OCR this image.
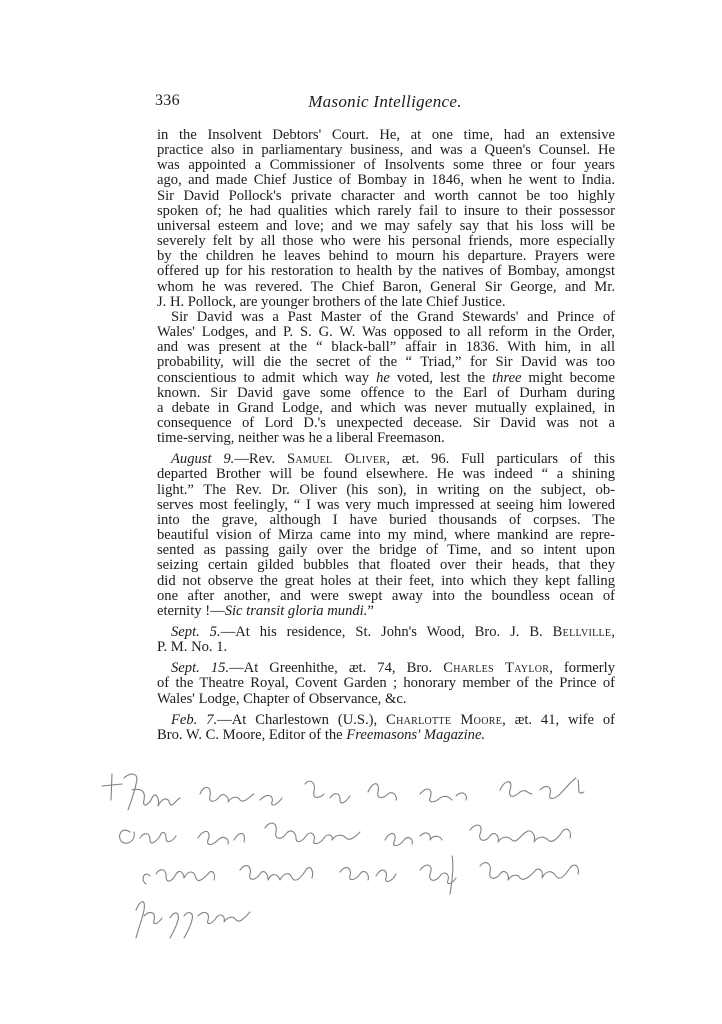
336	Masonic Intelligence.
in the Insolvent Debtors' Court. He, at one time, had an extensive
practice also in parliamentary business, and was a Queen's Counsel. He
was appointed a Commissioner of Insolvents some three or four years
ago, and made Chief Justice of Bombay in 1846, when he went to India.
Sir David Pollock's private character and worth cannot be too highly
spoken of; he had qualities which rarely fail to insure to their possessor
universal esteem and love; and we may safely say that his loss will be
severely felt by all those who were his personal friends, more especially
by the children he leaves behind to mourn his departure. Prayers were
offered up for his restoration to health by the natives of Bombay, amongst
whom he was revered. The Chief Baron, General Sir George, and Mr.
J. H. Pollock, are younger brothers of the late Chief Justice.
Sir David was a Past Master of the Grand Stewards' and Prince of
Wales' Lodges, and P. S. G. W. Was opposed to all reform in the Order,
and was present at the “ black-ball” affair in 1836. With him, in all
probability, will die the secret of the “ Triad,” for Sir David was too
conscientious to admit which way he voted, lest the three might become
known. Sir David gave some offence to the Earl of Durham during
a debate in Grand Lodge, and which was never mutually explained, in
consequence of Lord D.'s unexpected decease. Sir David was not a
time-serving, neither was he a liberal Freemason.
August 9.—Rev. Samuel Oliver, æt. 96. Full particulars of this
departed Brother will be found elsewhere. He was indeed “ a shining
light.” The Rev. Dr. Oliver (his son), in writing on the subject, ob-
serves most feelingly, “ I was very much impressed at seeing him lowered
into the grave, although I have buried thousands of corpses. The
beautiful vision of Mirza came into my mind, where mankind are repre-
sented as passing gaily over the bridge of Time, and so intent upon
seizing certain gilded bubbles that floated over their heads, that they
did not observe the great holes at their feet, into which they kept falling
one after another, and were swept away into the boundless ocean of
eternity !—Sic transit gloria mundi.”
Sept. 5.—At his residence, St. John's Wood, Bro. J. B. Bellville,
P. M. No. 1.
Sept. 15.—At Greenhithe, æt. 74, Bro. Charles Taylor, formerly
of the Theatre Royal, Covent Garden ; honorary member of the Prince of
Wales' Lodge, Chapter of Observance, &c.
Feb. 7.—At Charlestown (U.S.), Charlotte Moore, æt. 41, wife of
Bro. W. C. Moore, Editor of the Freemasons' Magazine.
